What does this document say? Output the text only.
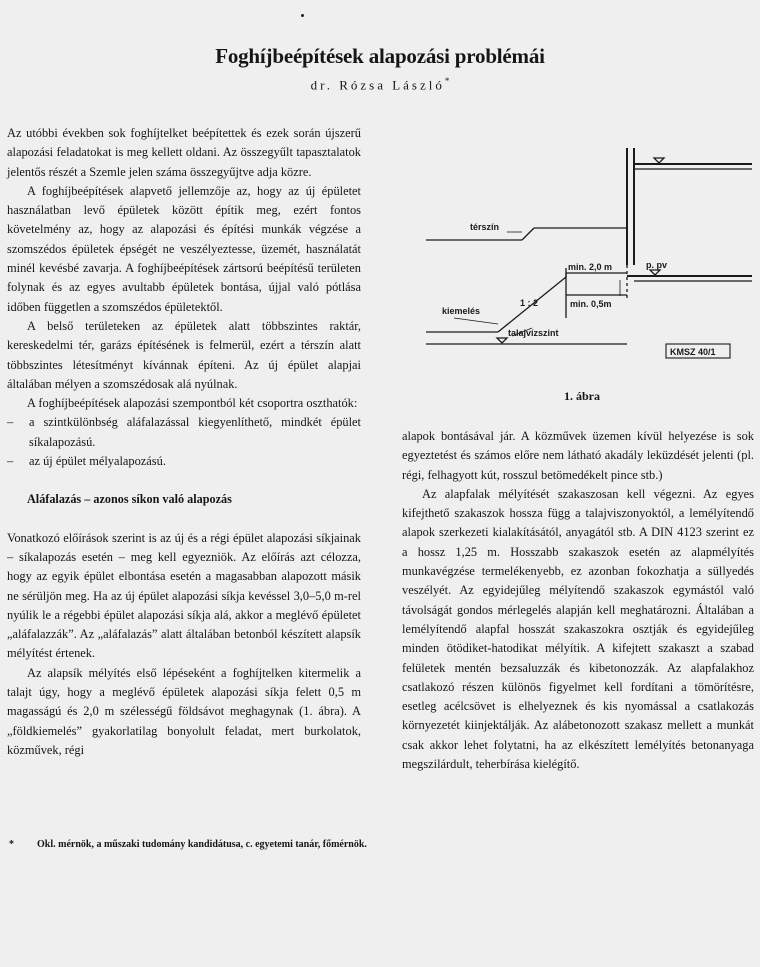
Foghíjbeépítések alapozási problémái
dr. Rózsa László*

Az utóbbi években sok foghíjtelket beépítettek és ezek során újszerű alapozási feladatokat is meg kellett oldani. Az összegyűlt tapasztalatok jelentős részét a Szemle jelen száma összegyűjtve adja közre.

A foghíjbeépítések alapvető jellemzője az, hogy az új épületet használatban levő épületek között építik meg, ezért fontos követelmény az, hogy az alapozási és építési munkák végzése a szomszédos épületek épségét ne veszélyeztesse, üzemét, használatát minél kevésbé zavarja. A foghíjbeépítések zártsorú beépítésű területen folynak és az egyes avultabb épületek bontása, újjal való pótlása időben független a szomszédos épületektől.

A belső területeken az épületek alatt többszintes raktár, kereskedelmi tér, garázs építésének is felmerül, ezért a térszín alatt többszintes létesítményt kívánnak építeni. Az új épület alapjai általában mélyen a szomszédosak alá nyúlnak.

A foghíjbeépítések alapozási szempontból két csoportra oszthatók:

–	a szintkülönbség aláfalazással kiegyenlíthető, mindkét épület síkalapozású.
–	az új épület mélyalapozású.

Aláfalazás – azonos síkon való alapozás

Vonatkozó előírások szerint is az új és a régi épület alapozási síkjainak – síkalapozás esetén – meg kell egyezniök. Az előírás azt célozza, hogy az egyik épület elbontása esetén a magasabban alapozott másik ne sérüljön meg. Ha az új épület alapozási síkja kevéssel 3,0–5,0 m-rel nyúlik le a régebbi épület alapozási síkja alá, akkor a meglévő épületet „aláfalazzák”. Az „aláfalazás” alatt általában betonból készített alapsík mélyítést értenek.

Az alapsík mélyítés első lépéseként a foghíjtelken kitermelik a talajt úgy, hogy a meglévő épületek alapozási síkja felett 0,5 m magasságú és 2,0 m szélességű földsávot meghagynak (1. ábra). A „földkiemelés” gyakorlatilag bonyolult feladat, mert burkolatok, közművek, régi

térszín
min. 2,0 m	p. pv
1 : 2	min. 0,5m
kiemelés
talajvízszint
KMSZ 40/1
1. ábra

alapok bontásával jár. A közművek üzemen kívül helyezése is sok egyeztetést és számos előre nem látható akadály leküzdését jelenti (pl. régi, felhagyott kút, rosszul betömedékelt pince stb.)

Az alapfalak mélyítését szakaszosan kell végezni. Az egyes kifejthető szakaszok hossza függ a talajviszonyoktól, a lemélyítendő alapok szerkezeti kialakításától, anyagától stb. A DIN 4123 szerint ez a hossz 1,25 m. Hosszabb szakaszok esetén az alapmélyítés munkavégzése termelékenyebb, ez azonban fokozhatja a süllyedés veszélyét. Az egyidejűleg mélyítendő szakaszok egymástól való távolságát gondos mérlegelés alapján kell meghatározni. Általában a lemélyítendő alapfal hosszát szakaszokra osztják és egyidejűleg minden ötödiket-hatodikat mélyítik. A kifejtett szakaszt a szabad felületek mentén bezsaluzzák és kibetonozzák. Az alapfalakhoz csatlakozó részen különös figyelmet kell fordítani a tömörítésre, esetleg acélcsövet is elhelyeznek és kis nyomással a csatlakozás környezetét kiinjektálják. Az alábetonozott szakasz mellett a munkát csak akkor lehet folytatni, ha az elkészített lemélyítés betonanyaga megszilárdult, teherbírása kielégítő.

* Okl. mérnök, a műszaki tudomány kandidátusa, c. egyetemi tanár, főmérnök.
